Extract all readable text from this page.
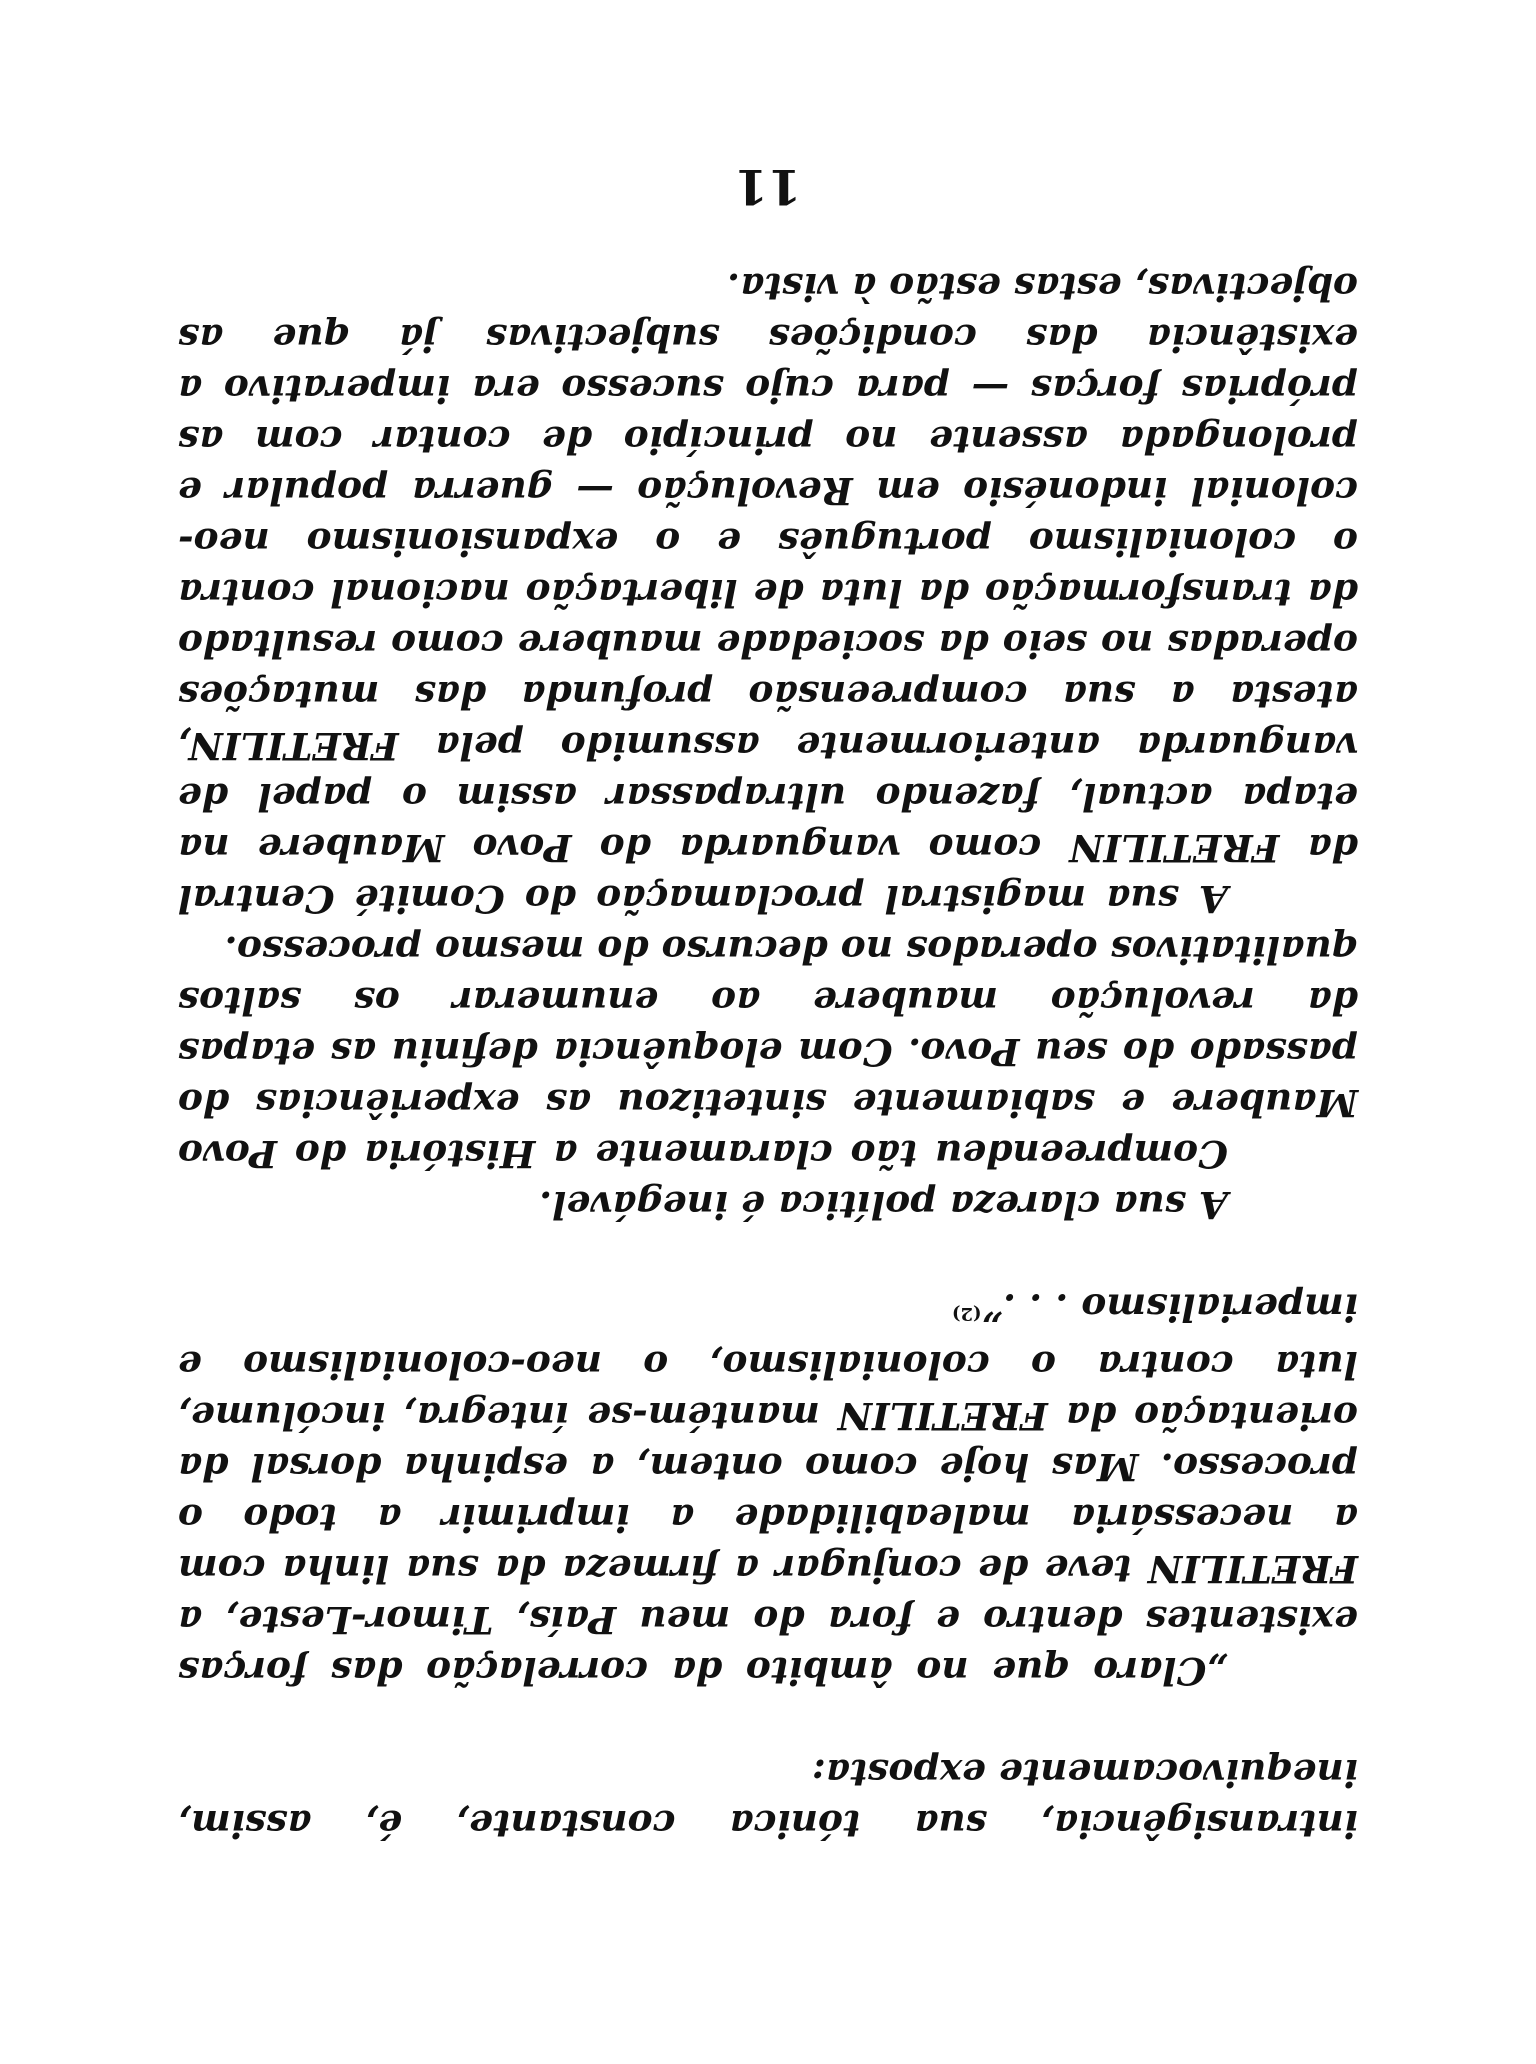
intransigência, sua tónica constante, é, assim, inequivocamente exposta:

„Claro que no âmbito da correlação das forças existentes dentro e fora do meu País, Timor-Leste, a FRETILIN teve de conjugar a firmeza da sua linha com a necessária maleabilidade a imprimir a todo o processo. Mas hoje como ontem, a espinha dorsal da orientação da FRETILIN mantém-se íntegra, incólume, luta contra o colonialismo, o neo-colonialismo e imperialismo . . .”$^{(2)}$

A sua clareza política é inegável.

Compreendeu tão claramente a História do Povo Maubere e sabiamente sintetizou as experiências do passado do seu Povo. Com eloquência definiu as etapas da revolução maubere ao enumerar os saltos qualitativos operados no decurso do mesmo processo.

A sua magistral proclamação do Comité Central da FRETILIN como vanguarda do Povo Maubere na etapa actual, fazendo ultrapassar assim o papel de vanguarda anteriormente assumido pela FRETILIN, atesta a sua compreensão profunda das mutações operadas no seio da sociedade maubere como resultado da transformação da luta de libertação nacional contra o colonialismo português e o expansionismo neo-colonial indonésio em Revolução — guerra popular e prolongada assente no princípio de contar com as próprias forças — para cujo sucesso era imperativo a existência das condições subjectivas já que as objectivas, estas estão à vista.

11
